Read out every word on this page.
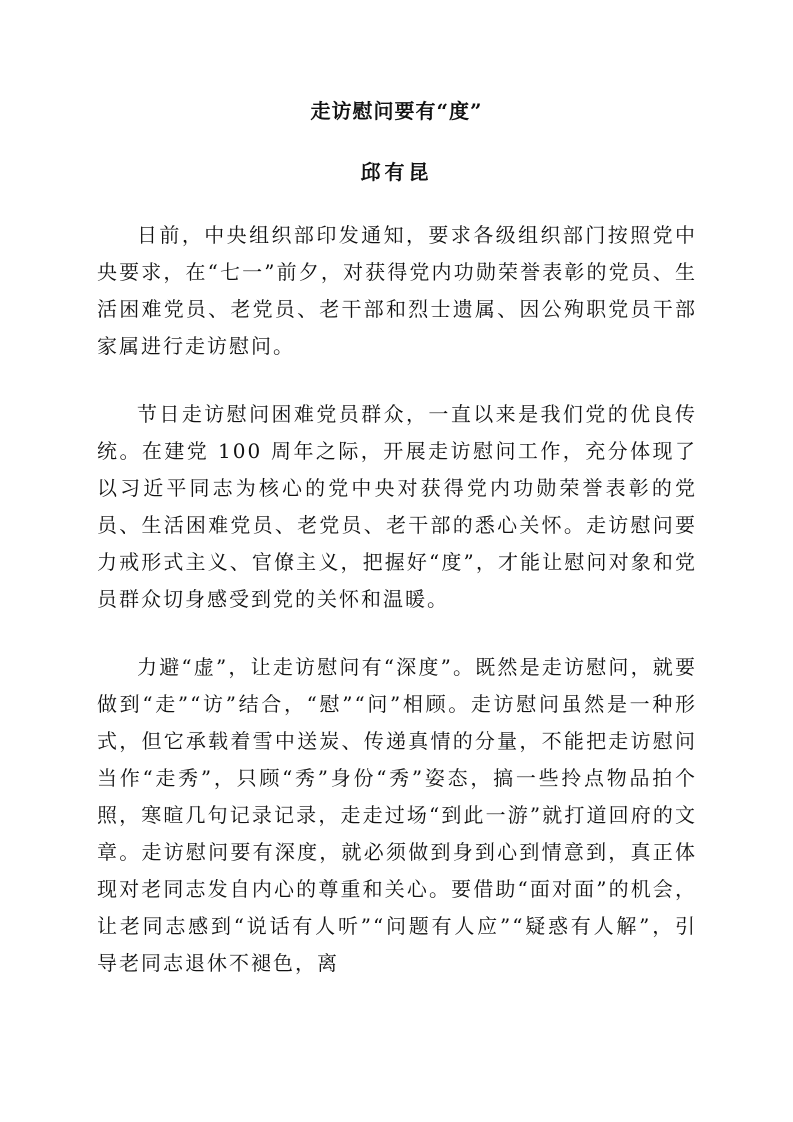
走访慰问要有“度”
邱有昆

日前，中央组织部印发通知，要求各级组织部门按照党中央要求，在“七一”前夕，对获得党内功勋荣誉表彰的党员、生活困难党员、老党员、老干部和烈士遗属、因公殉职党员干部家属进行走访慰问。

节日走访慰问困难党员群众，一直以来是我们党的优良传统。在建党 100 周年之际，开展走访慰问工作，充分体现了以习近平同志为核心的党中央对获得党内功勋荣誉表彰的党员、生活困难党员、老党员、老干部的悉心关怀。走访慰问要力戒形式主义、官僚主义，把握好“度”，才能让慰问对象和党员群众切身感受到党的关怀和温暖。

力避“虚”，让走访慰问有“深度”。既然是走访慰问，就要做到“走”“访”结合，“慰”“问”相顾。走访慰问虽然是一种形式，但它承载着雪中送炭、传递真情的分量，不能把走访慰问当作“走秀”，只顾“秀”身份“秀”姿态，搞一些拎点物品拍个照，寒暄几句记录记录，走走过场“到此一游”就打道回府的文章。走访慰问要有深度，就必须做到身到心到情意到，真正体现对老同志发自内心的尊重和关心。要借助“面对面”的机会，让老同志感到“说话有人听”“问题有人应”“疑惑有人解”，引导老同志退休不褪色，离
